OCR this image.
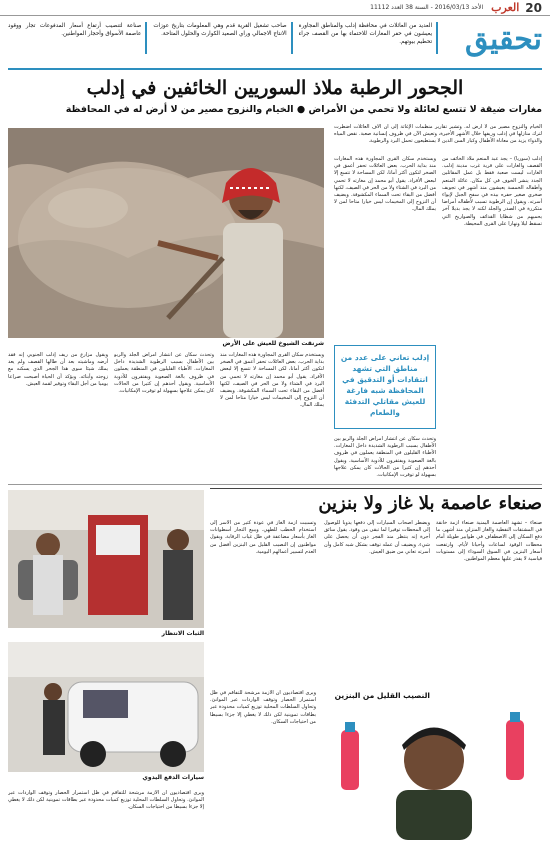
20
العرب
الأحد 2016/03/13 - السنة 38 العدد 11112
تحقيق
العديد من العائلات في محافظة إدلب والمناطق المجاورة يعيشون في حفر المغارات للاحتماء بها من القصف جراء تحطيم بيوتهم.
صاحب تشغيل القرية قدم وهي المعلومات بتاريخ عوزات الانتاج الاجمالي وراي الصعيد الكوارث والحلول المتاحة.
صناعة لتنصيب أرتفاع أسعار المدفوعات تجار ووقود عاصمة الأسواق وأحجار المواطنين.
الجحور الرطبة ملاذ السوريين الخائفين في إدلب
مغارات ضيقة لا تتسع لعائلة ولا تحمي من الأمراض ● الخيام والنزوح مصير من لا أرض له في المحافظة
الخيام والنزوح مصير من لا أرض له. وتشير تقارير منظمات الإغاثة إلى أن آلاف العائلات اضطرت لترك منازلها في إدلب وريفها خلال الأشهر الأخيرة، وتعيش الآن في ظروف إنسانية صعبة. نقص المياه والدواء يزيد من معاناة الأطفال وكبار السن الذين لا يستطيعون تحمل البرد والرطوبة.
شرنقت الشيوخ للعيش على الأرض
إدلب (سوريا) – يجد عبد المنعم ملاذ الخائف من القصف والغارات على قرية غرب مدينة إدلب. الغارات ليست صعبة فقط بل عمل المقاتلين الجدد ينشر الخوف في كل مكان. عائلة المنعم وأطفاله الخمسة يعيشون منذ أشهر في تجويف صخري صغير حفره بيده في سفح الجبل لإيواء أسرته. ويقول إن الرطوبة تسبب لأطفاله أمراضا متكررة في الصدر والجلد لكنه لا يجد بديلا آخر يحميهم من شظايا القذائف والصواريخ التي تسقط ليلا ونهارا على القرى المحيطة.
ويستخدم سكان القرى المجاورة هذه المغارات منذ بداية الحرب. بعض العائلات تحفر أعمق في الصخر لتكون أكثر أمانا، لكن المساحة لا تتسع إلا لبعض الأفراد. يقول أبو محمد إن مغارته لا تحمي من البرد في الشتاء ولا من الحر في الصيف، لكنها أفضل من البقاء تحت السماء المكشوفة. ويضيف أن النزوح إلى المخيمات ليس خيارا متاحا لمن لا يملك المال.
إدلب تعاني على عدد من مناطق التي تشهد انتقادات أو التدقيق في المحافظة شبه فارغة للعيش مقاتلي التدفئة والطعام
وتحدث سكان عن انتشار أمراض الجلد والربو بين الأطفال بسبب الرطوبة الشديدة داخل المغارات. الأطباء القليلون في المنطقة يعملون في ظروف بالغة الصعوبة ويفتقرون للأدوية الأساسية. ويقول أحدهم إن كثيرا من الحالات كان يمكن علاجها بسهولة لو توفرت الإمكانيات.
ويقول مزارع من ريف إدلب الجنوبي إنه فقد أرضه وماشيته بعد أن طالها القصف ولم يعد يملك شيئا سوى هذا الجحر الذي يسكنه مع زوجته وأبنائه. ويؤكد أن الحياة أصبحت صراعا يوميا من أجل البقاء وتوفير لقمة العيش.
وتحدث سكان عن انتشار أمراض الجلد والربو بين الأطفال بسبب الرطوبة الشديدة داخل المغارات. الأطباء القليلون في المنطقة يعملون في ظروف بالغة الصعوبة ويفتقرون للأدوية الأساسية. ويقول أحدهم إن كثيرا من الحالات كان يمكن علاجها بسهولة لو توفرت الإمكانيات.
ويستخدم سكان القرى المجاورة هذه المغارات منذ بداية الحرب. بعض العائلات تحفر أعمق في الصخر لتكون أكثر أمانا، لكن المساحة لا تتسع إلا لبعض الأفراد. يقول أبو محمد إن مغارته لا تحمي من البرد في الشتاء ولا من الحر في الصيف، لكنها أفضل من البقاء تحت السماء المكشوفة. ويضيف أن النزوح إلى المخيمات ليس خيارا متاحا لمن لا يملك المال.
صنعاء عاصمة بلا غاز ولا بنزين
الثبات الانتظار
سيارات الدفع اليدوي
صنعاء – تشهد العاصمة اليمنية صنعاء أزمة خانقة في المشتقات النفطية والغاز المنزلي منذ أشهر، ما دفع السكان إلى الاصطفاف في طوابير طويلة أمام محطات الوقود لساعات وأحيانا لأيام. وارتفعت أسعار البنزين في السوق السوداء إلى مستويات قياسية لا يقدر عليها معظم المواطنين.
ويضطر أصحاب السيارات إلى دفعها يدويا للوصول إلى المحطات توفيرا لما تبقى من وقود. يقول سائق أجرة إنه ينتظر منذ الفجر دون أن يحصل على شيء. ويضيف أن عمله توقف بشكل شبه كامل وأن أسرته تعاني من ضيق العيش.
وتسببت أزمة الغاز في عودة كثير من الأسر إلى استخدام الحطب للطهي. ويبيع التجار أسطوانات الغاز بأسعار مضاعفة في ظل غياب الرقابة. ويقول مواطنون إن النصيب القليل من البنزين أفضل من العدم لتسيير أعمالهم اليومية.
النصيب القليل من البنزين
ويرى اقتصاديون أن الأزمة مرشحة للتفاقم في ظل استمرار الحصار وتوقف الواردات عبر الموانئ. وتحاول السلطات المحلية توزيع كميات محدودة عبر بطاقات تموينية لكن ذلك لا يغطي إلا جزءا بسيطا من احتياجات السكان.
ويرى اقتصاديون أن الأزمة مرشحة للتفاقم في ظل استمرار الحصار وتوقف الواردات عبر الموانئ. وتحاول السلطات المحلية توزيع كميات محدودة عبر بطاقات تموينية لكن ذلك لا يغطي إلا جزءا بسيطا من احتياجات السكان.
